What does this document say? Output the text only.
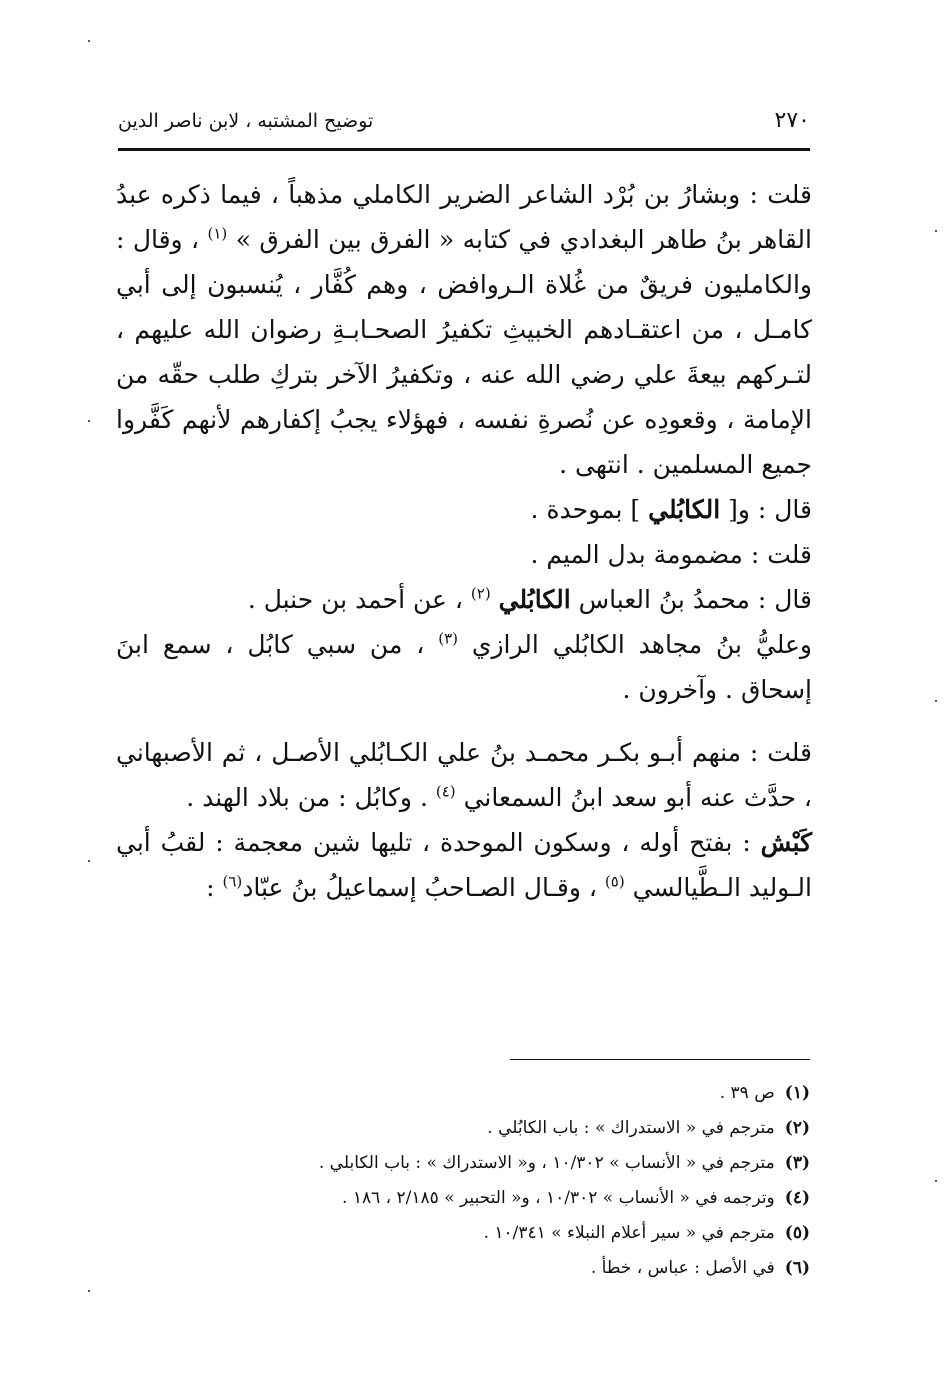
٢٧٠
توضيح المشتبه ، لابن ناصر الدين

قلت : وبشارُ بن بُرْد الشاعر الضرير الكاملي مذهباً ، فيما ذكره عبدُ القاهر بنُ طاهر البغدادي في كتابه « الفرق بين الفرق » $^{(١)}$ ، وقال : والكامليون فريقٌ من غُلاة الـروافض ، وهم كُفَّار ، يُنسبون إلى أبي كامـل ، من اعتقـادهم الخبيثِ تكفيرُ الصحـابـةِ رضوان الله عليهم ، لتـركهم بيعةَ علي رضي الله عنه ، وتكفيرُ الآخر بتركِ طلب حقّه من الإمامة ، وقعودِه عن نُصرةِ نفسه ، فهؤلاء يجبُ إكفارهم لأنهم كَفَّروا جميع المسلمين . انتهى .

قال : و[ الكابُلي ] بموحدة .

قلت : مضمومة بدل الميم .

قال : محمدُ بنُ العباس الكابُلي $^{(٢)}$ ، عن أحمد بن حنبل .

وعليُّ بنُ مجاهد الكابُلي الرازي $^{(٣)}$ ، من سبي كابُل ، سمع ابنَ إسحاق . وآخرون .

قلت : منهم أبـو بكـر محمـد بنُ علي الكـابُلي الأصـل ، ثم الأصبهاني ، حدَّث عنه أبو سعد ابنُ السمعاني $^{(٤)}$ . وكابُل : من بلاد الهند .

كَبْش : بفتح أوله ، وسكون الموحدة ، تليها شين معجمة : لقبُ أبي الـوليد الـطَّيالسي $^{(٥)}$ ، وقـال الصـاحبُ إسماعيلُ بنُ عبّاد$^{(٦)}$ :

(١)ص ٣٩ .
(٢)مترجم في « الاستدراك » : باب الكابُلي .
(٣)مترجم في « الأنساب » ١٠/٣٠٢ ، و« الاستدراك » : باب الكابلي .
(٤)وترجمه في « الأنساب » ١٠/٣٠٢ ، و« التحبير » ٢/١٨٥ ، ١٨٦ .
(٥)مترجم في « سير أعلام النبلاء » ١٠/٣٤١ .
(٦)في الأصل : عباس ، خطأ .
